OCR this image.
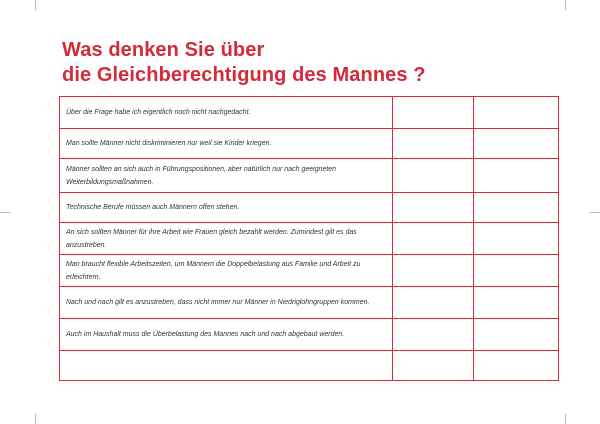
Was denken Sie über
die Gleichberechtigung des Mannes ?
Über die Frage habe ich eigentlich noch nicht nachgedacht.		
Man sollte Männer nicht diskriminieren nur weil sie Kinder kriegen.		
Männer sollten an sich auch in Führungspositionen, aber natürlich nur nach geeigneten Weiterbildungsmaßnahmen.		
Technische Berufe müssen auch Männern offen stehen.		
An sich sollten Männer für ihre Arbeit wie Frauen gleich bezahlt werden. Zumindest gilt es das anzustreben.		
Man braucht flexible Arbeitszeiten, um Männern die Doppelbelastung aus Familie und Arbeit zu erleichtern.		
Nach und nach gilt es anzustreben, dass nicht immer nur Männer in Niedriglohngruppen kommen.		
Auch im Haushalt muss die Überbelastung des Mannes nach und nach abgebaut werden.		
